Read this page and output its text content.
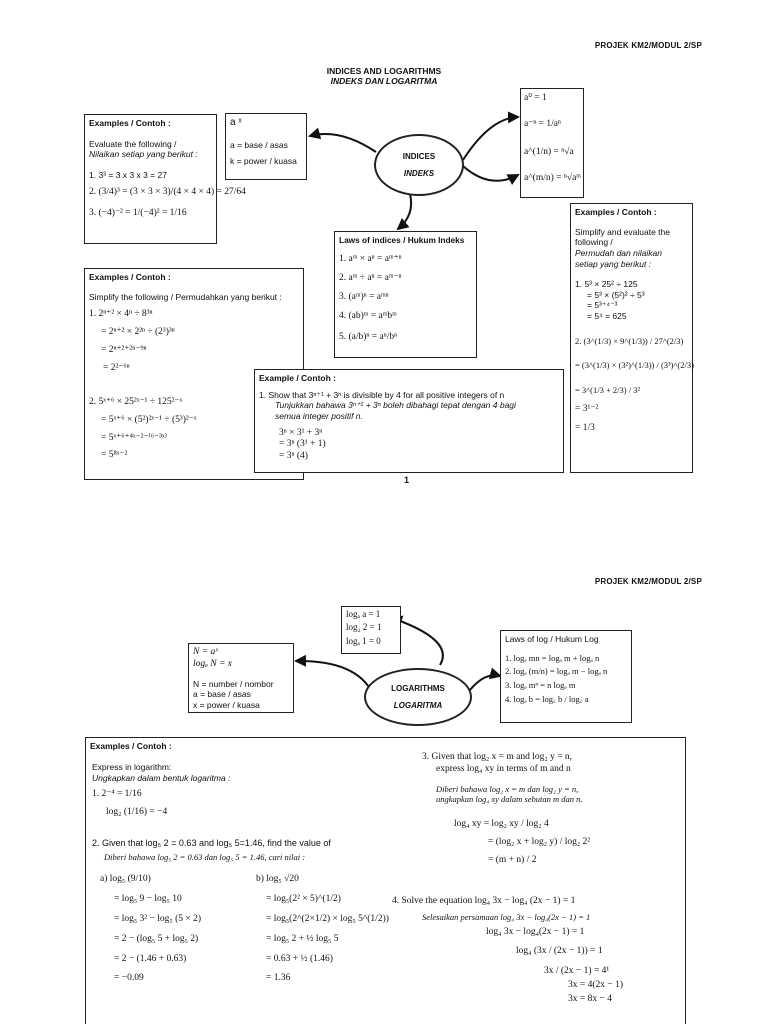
PROJEK KM2/MODUL 2/SP
INDICES AND LOGARITHMS
INDEKS DAN LOGARITMA
INDICES
INDEKS
a ˣ
a = base / asas
k = power / kuasa
a⁰ = 1
a⁻ⁿ = 1/aⁿ
a^(1/n) = ⁿ√a
a^(m/n) = ⁿ√aᵐ
Examples / Contoh :
Evaluate the following /
Nilaikan setiap yang berikut :
1. 3³ = 3 x 3 x 3 = 27
2. (3/4)³ = (3 × 3 × 3)/(4 × 4 × 4) = 27/64
3. (−4)⁻² = 1/(−4)² = 1/16
Laws of indices / Hukum Indeks
1. aᵐ × aⁿ = aᵐ⁺ⁿ
2. aᵐ ÷ aⁿ = aᵐ⁻ⁿ
3. (aᵐ)ⁿ = aᵐⁿ
4. (ab)ᵐ = aᵐbᵐ
5. (a/b)ⁿ = aⁿ/bⁿ
Examples / Contoh :
Simplify the following / Permudahkan yang berikut :
1. 2ⁿ⁺² × 4ⁿ ÷ 8³ⁿ
= 2ⁿ⁺² × 2²ⁿ ÷ (2³)³ⁿ
= 2ⁿ⁺²⁺²ⁿ⁻⁹ⁿ
= 2²⁻⁶ⁿ
2. 5ˣ⁺⁶ × 25²ˣ⁻¹ ÷ 125²⁻ˣ
= 5ˣ⁺⁶ × (5²)²ˣ⁻¹ ÷ (5³)²⁻ˣ
= 5ˣ⁺⁶⁺⁴ˣ⁻²⁻⁽⁶⁻³ˣ⁾
= 5⁸ˣ⁻²
Example / Contoh :
1. Show that 3ⁿ⁺¹ + 3ⁿ is divisible by 4 for all positive integers of n
Tunjukkan bahawa 3ⁿ⁺¹ + 3ⁿ boleh dibahagi tepat dengan 4 bagi
semua integer positif n.
3ⁿ × 3¹ + 3ⁿ
= 3ⁿ (3¹ + 1)
= 3ⁿ (4)
Examples / Contoh :
Simplify and evaluate the
following /
Permudah dan nilaikan
setiap yang berikut :
1. 5³ × 25² ÷ 125
= 5³ × (5²)² ÷ 5³
= 5³⁺⁴⁻³
= 5⁴ = 625
2. (3^(1/3) × 9^(1/3)) / 27^(2/3)
= (3^(1/3) × (3²)^(1/3)) / (3³)^(2/3)
= 3^(1/3 + 2/3) / 3²
= 3¹⁻²
= 1/3
1
PROJEK KM2/MODUL 2/SP
logₐ a = 1
log₂ 2 = 1
logₐ 1 = 0
LOGARITHMS
LOGARITMA
N = aˣ
logₐ N = x
N = number / nombor
a = base / asas
x = power / kuasa
Laws of log / Hukum Log
1. logₐ mn = logₐ m + logₐ n
2. logₐ (m/n) = logₐ m − logₐ n
3. logₐ mⁿ = n logₐ m
4. logₐ b = log꜀ b / log꜀ a
Examples / Contoh :
Express in logarithm:
Ungkapkan dalam bentuk logaritma :
1. 2⁻⁴ = 1/16
log₂ (1/16) = −4
2. Given that log₅ 2 = 0.63 and log₅ 5=1.46, find the value of
Diberi bahawa log₅ 2 = 0.63 dan log₅ 5 = 1.46, cari nilai :
a) log₅ (9/10)
= log₅ 9 − log₅ 10
= log₅ 3² − log₅ (5 × 2)
= 2 − (log₅ 5 + log₅ 2)
= 2 − (1.46 + 0.63)
= −0.09
b) log₅ √20
= log₅(2² × 5)^(1/2)
= log₅(2^(2×1/2) × log₅ 5^(1/2))
= log₅ 2 + ½ log₅ 5
= 0.63 + ½ (1.46)
= 1.36
3. Given that log₂ x = m and log₂ y = n,
express log₄ xy in terms of m and n
Diberi bahawa log₂ x = m dan log₂ y = n,
ungkapkan log₄ xy dalam sebutan m dan n.
log₄ xy = log₂ xy / log₂ 4
= (log₂ x + log₂ y) / log₂ 2²
= (m + n) / 2
4. Solve the equation log₄ 3x − log₄ (2x − 1) = 1
Selesaikan persamaan log₄ 3x − log₄(2x − 1) = 1
log₄ 3x − log₄(2x − 1) = 1
log₄ (3x / (2x − 1)) = 1
3x / (2x − 1) = 4¹
3x = 4(2x − 1)
3x = 8x − 4
